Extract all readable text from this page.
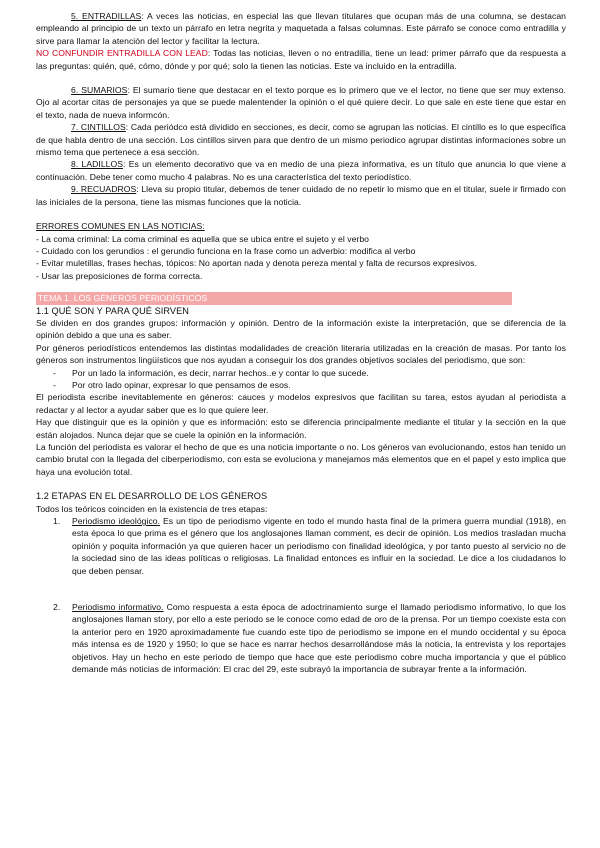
5. ENTRADILLAS: A veces las noticias, en especial las que llevan titulares que ocupan más de una columna, se destacan empleando al principio de un texto un párrafo en letra negrita y maquetada a falsas columnas. Este párrafo se conoce como entradilla y sirve para llamar la atención del lector y facilitar la lectura.

NO CONFUNDIR ENTRADILLA CON LEAD: Todas las noticias, lleven o no entradilla, tiene un lead: primer párrafo que da respuesta a las preguntas: quién, qué, cómo, dónde y por qué; solo la tienen las noticias. Este va incluido en la entradilla.

6. SUMARIOS: El sumario tiene que destacar en el texto porque es lo primero que ve el lector, no tiene que ser muy extenso. Ojo al acortar citas de personajes ya que se puede malentender la opinión o el qué quiere decir. Lo que sale en este tiene que estar en el texto, nada de nueva informcón.

7. CINTILLOS: Cada periódco está dividido en secciones, es decir, como se agrupan las noticias. El cintillo es lo que específica de que habla dentro de una sección. Los cintillos sirven para que dentro de un mismo periodico agrupar distintas informaciones sobre un mismo tema que pertenece a esa sección.

8. LADILLOS: Es un elemento decorativo que va en medio de una pieza informativa, es un título que anuncia lo que viene a continuación. Debe tener como mucho 4 palabras. No es una característica del texto periodístico.

9. RECUADROS: Lleva su propio titular, debemos de tener cuidado de no repetir lo mismo que en el titular, suele ir firmado con las iniciales de la persona, tiene las mismas funciones que la noticia.

ERRORES COMUNES EN LAS NOTICIAS:

- La coma criminal: La coma criminal es aquella que se ubica entre el sujeto y el verbo

- Cuidado con los gerundios : el gerundio funciona en la frase como un adverbio: modifica al verbo

- Evitar muletillas, frases hechas, tópicos: No aportan nada y denota pereza mental y falta de recursos expresivos.

- Usar las preposiciones de forma correcta.

TEMA 1. LOS GÉNEROS PERIODÍSTICOS

1.1 QUÉ SON Y PARA QUÉ SIRVEN

Se dividen en dos grandes grupos: información y opinión. Dentro de la información existe la interpretación, que se diferencia de la opinión debido a que una es saber.

Por géneros periodísticos entendemos las distintas modalidades de creación literaria utilizadas en la creación de masas. Por tanto los géneros son instrumentos lingüísticos que nos ayudan a conseguir los dos grandes objetivos sociales del periodismo, que son:

- Por un lado la información, es decir, narrar hechos..e y contar lo que sucede.
- Por otro lado opinar, expresar lo que pensamos de esos.

El periodista escribe inevitablemente en géneros: cauces y modelos expresivos que facilitan su tarea, estos ayudan al periodista a redactar y al lector a ayudar saber que es lo que quiere leer.

Hay que distinguir que es la opinión y que es información: esto se diferencia principalmente mediante el titular y la sección en la que están alojados. Nunca dejar que se cuele la opinión en la información.

La función del periodista es valorar el hecho de que es una noticia importante o no. Los géneros van evolucionando, estos han tenido un cambio brutal con la llegada del ciberperiodismo, con esta se evoluciona y manejamos más elementos que en el papel y esto implica que haya una evolución total.

1.2 ETAPAS EN EL DESARROLLO DE LOS GÉNEROS

Todos los teóricos coinciden en la existencia de tres etapas:

1. Periodismo ideológico. Es un tipo de periodismo vigente en todo el mundo hasta final de la primera guerra mundial (1918), en esta época lo que prima es el género que los anglosajones llaman comment, es decir de opinión. Los medios trasladan mucha opinión y poquita información ya que quieren hacer un periodismo con finalidad ideológica, y por tanto puesto al servicio no de la sociedad sino de las ideas políticas o religiosas. La finalidad entonces es influir en la sociedad. Le dice a los ciudadanos lo que deben pensar.
2. Periodismo informativo. Como respuesta a esta época de adoctrinamiento surge el llamado periodismo informativo, lo que los anglosajones llaman story, por ello a este periodo se le conoce como edad de oro de la prensa. Por un tiempo coexiste esta con la anterior pero en 1920 aproximadamente fue cuando este tipo de periodismo se impone en el mundo occidental y su época más intensa es de 1920 y 1950; lo que se hace es narrar hechos desarrollándose más la noticia, la entrevista y los reportajes objetivos. Hay un hecho en este periodo de tiempo que hace que este periodismo cobre mucha importancia y que el público demande más noticias de información: El crac del 29, este subrayó la importancia de subrayar frente a la información.
